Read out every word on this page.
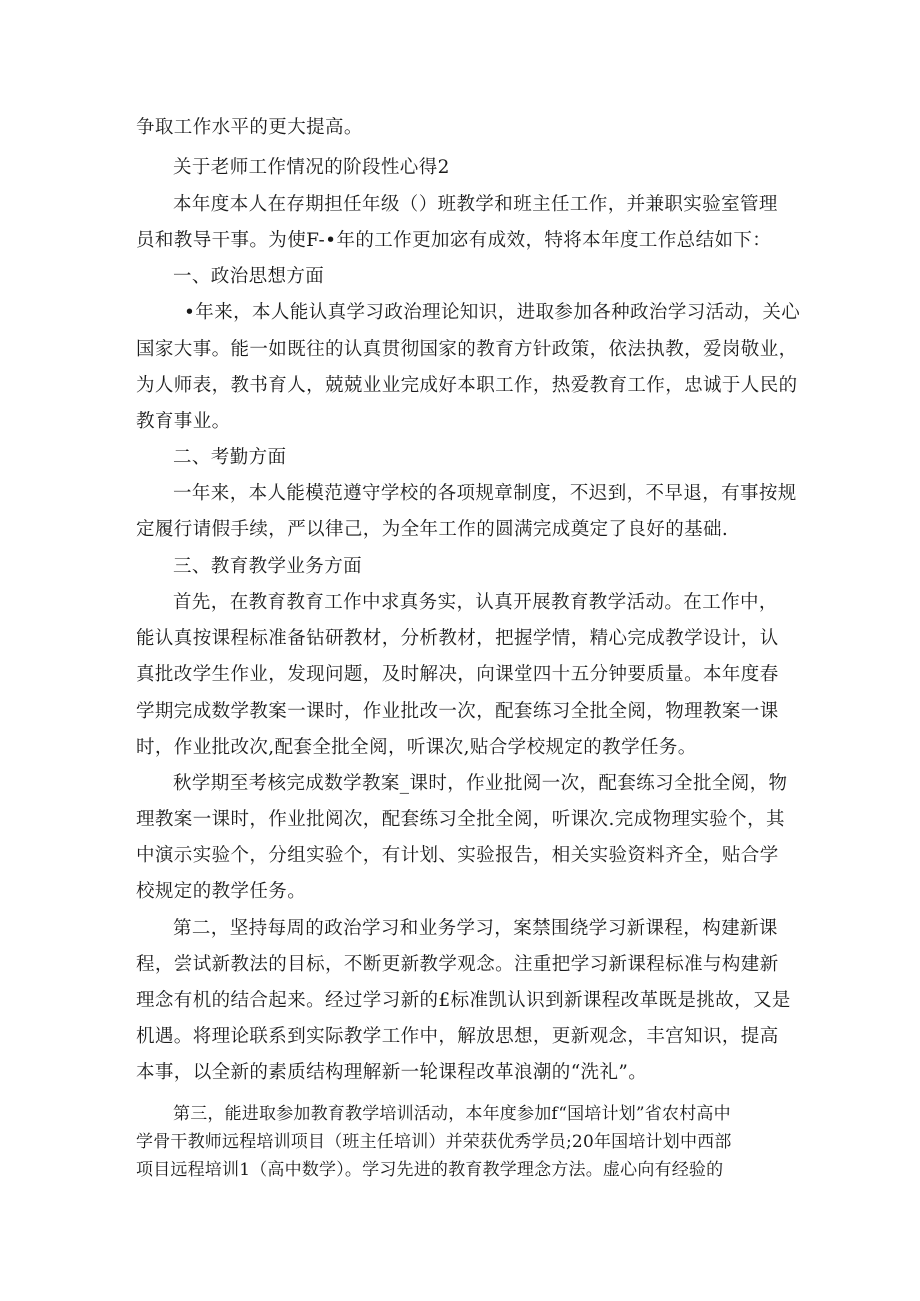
争取工作水平的更大提高。
关于老师工作情况的阶段性心得2
本年度本人在存期担任年级（）班教学和班主任工作，并兼职实验室管理
员和教导干事。为使F-•年的工作更加宓有成效，特将本年度工作总结如下：
一、政治思想方面
•年来，本人能认真学习政治理论知识，进取参加各种政治学习活动，关心
国家大事。能一如既往的认真贯彻国家的教育方针政策，依法执教，爱岗敬业，
为人师表，教书育人，兢兢业业完成好本职工作，热爱教育工作，忠诚于人民的
教育事业。
二、考勤方面
一年来，本人能模范遵守学校的各项规章制度，不迟到，不早退，有事按规
定履行请假手续，严以律己，为全年工作的圆满完成奠定了良好的基础.
三、教育教学业务方面
首先，在教育教育工作中求真务实，认真开展教育教学活动。在工作中，
能认真按课程标准备钻研教材，分析教材，把握学情，精心完成教学设计，认
真批改学生作业，发现问题，及时解决，向课堂四十五分钟要质量。本年度春
学期完成数学教案一课时，作业批改一次，配套练习全批全阅，物理教案一课
时，作业批改次,配套全批全阅，听课次,贴合学校规定的教学任务。
秋学期至考核完成数学教案_课时，作业批阅一次，配套练习全批全阅，物
理教案一课时，作业批阅次，配套练习全批全阅，听课次.完成物理实验个，其
中演示实验个，分组实验个，有计划、实验报告，相关实验资料齐全，贴合学
校规定的教学任务。
第二，坚持每周的政治学习和业务学习，案禁围绕学习新课程，构建新课
程，尝试新教法的目标，不断更新教学观念。注重把学习新课程标准与构建新
理念有机的结合起来。经过学习新的£标准凯认识到新课程改革既是挑故，又是
机遇。将理论联系到实际教学工作中，解放思想，更新观念，丰宫知识，提高
本事，以全新的素质结构理解新一轮课程改革浪潮的“洗礼”。
第三，能进取参加教育教学培训活动，本年度参加f“国培计划”省农村高中
学骨干教师远程培训项目（班主任培训）并荣获优秀学员;20年国培计划中西部
项目远程培训1（高中数学）。学习先进的教育教学理念方法。虚心向有经验的
